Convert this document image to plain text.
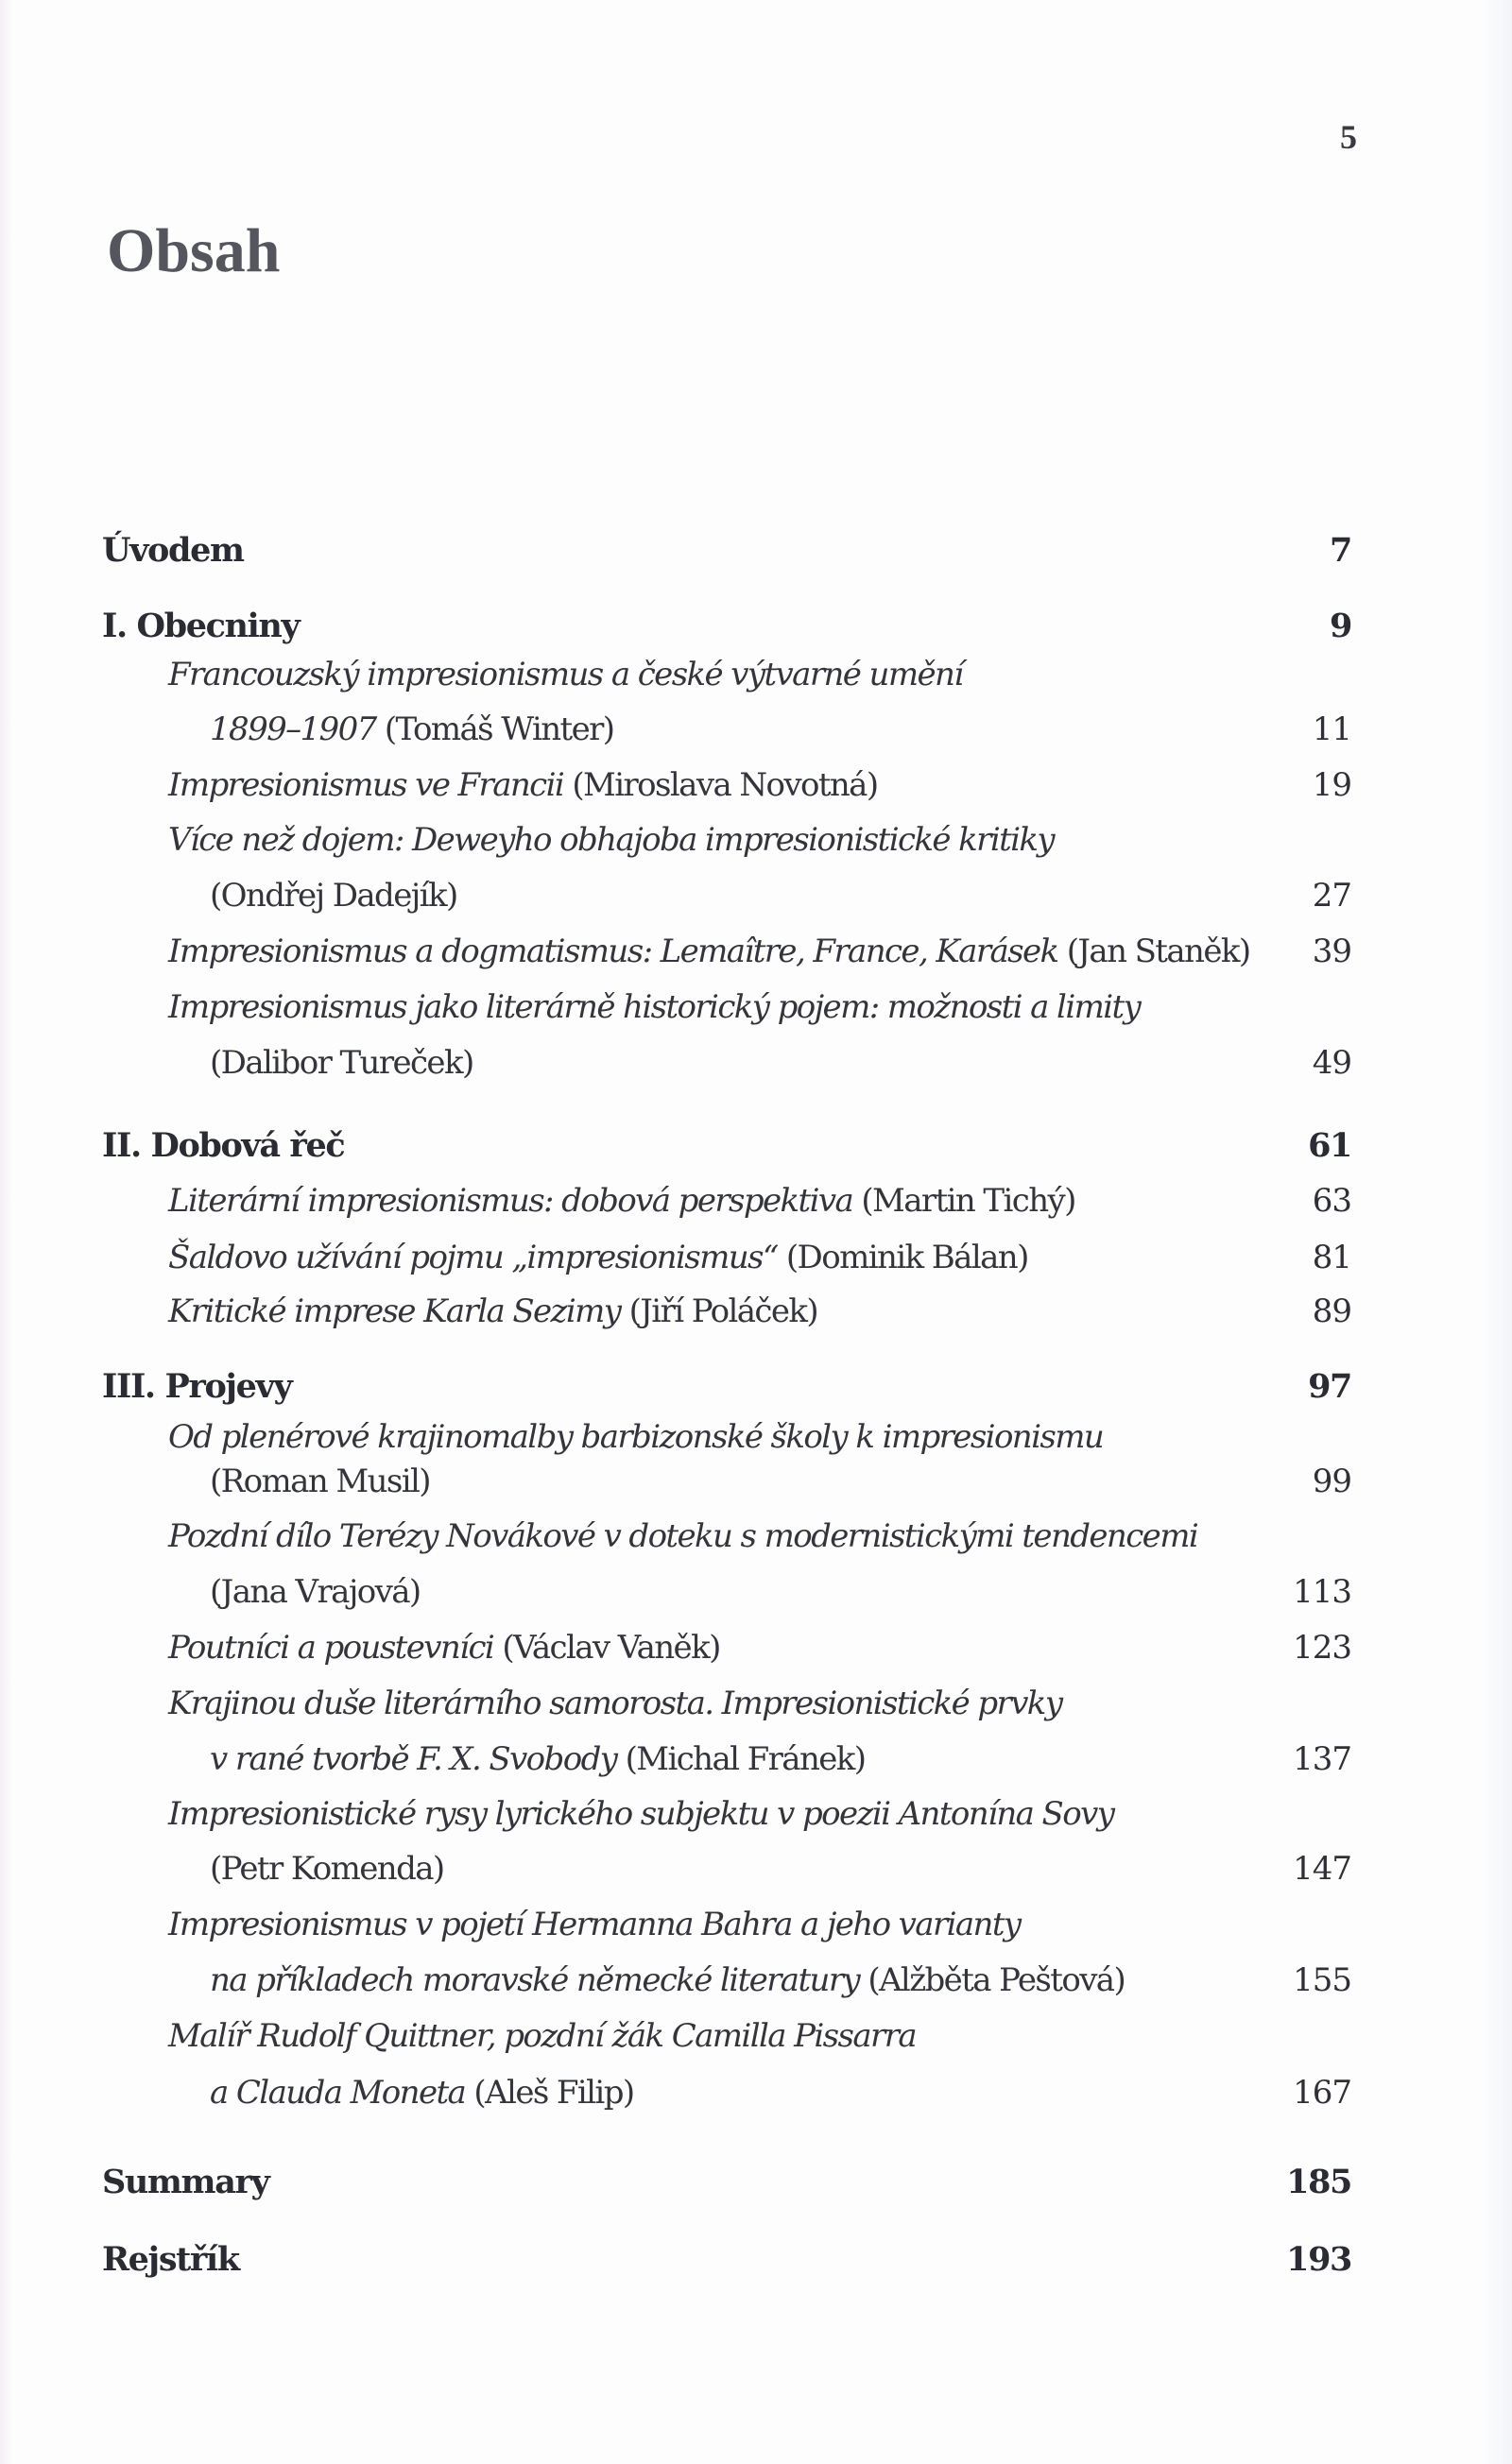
5
Obsah
Úvodem	7
I. Obecniny	9
Francouzský impresionismus a české výtvarné umění
1899–1907 (Tomáš Winter)	11
Impresionismus ve Francii (Miroslava Novotná)	19
Více než dojem: Deweyho obhajoba impresionistické kritiky
(Ondřej Dadejík)	27
Impresionismus a dogmatismus: Lemaître, France, Karásek (Jan Staněk) 39
Impresionismus jako literárně historický pojem: možnosti a limity
(Dalibor Tureček)	49
II. Dobová řeč	61
Literární impresionismus: dobová perspektiva (Martin Tichý)	63
Šaldovo užívání pojmu „impresionismus“ (Dominik Bálan)	81
Kritické imprese Karla Sezimy (Jiří Poláček)	89
III. Projevy	97
Od plenérové krajinomalby barbizonské školy k impresionismu
(Roman Musil)	99
Pozdní dílo Terézy Novákové v doteku s modernistickými tendencemi
(Jana Vrajová)	113
Poutníci a poustevníci (Václav Vaněk)	123
Krajinou duše literárního samorosta. Impresionistické prvky
v rané tvorbě F. X. Svobody (Michal Fránek)	137
Impresionistické rysy lyrického subjektu v poezii Antonína Sovy
(Petr Komenda)	147
Impresionismus v pojetí Hermanna Bahra a jeho varianty
na příkladech moravské německé literatury (Alžběta Peštová)	155
Malíř Rudolf Quittner, pozdní žák Camilla Pissarra
a Clauda Moneta (Aleš Filip)	167
Summary	185
Rejstřík	193
